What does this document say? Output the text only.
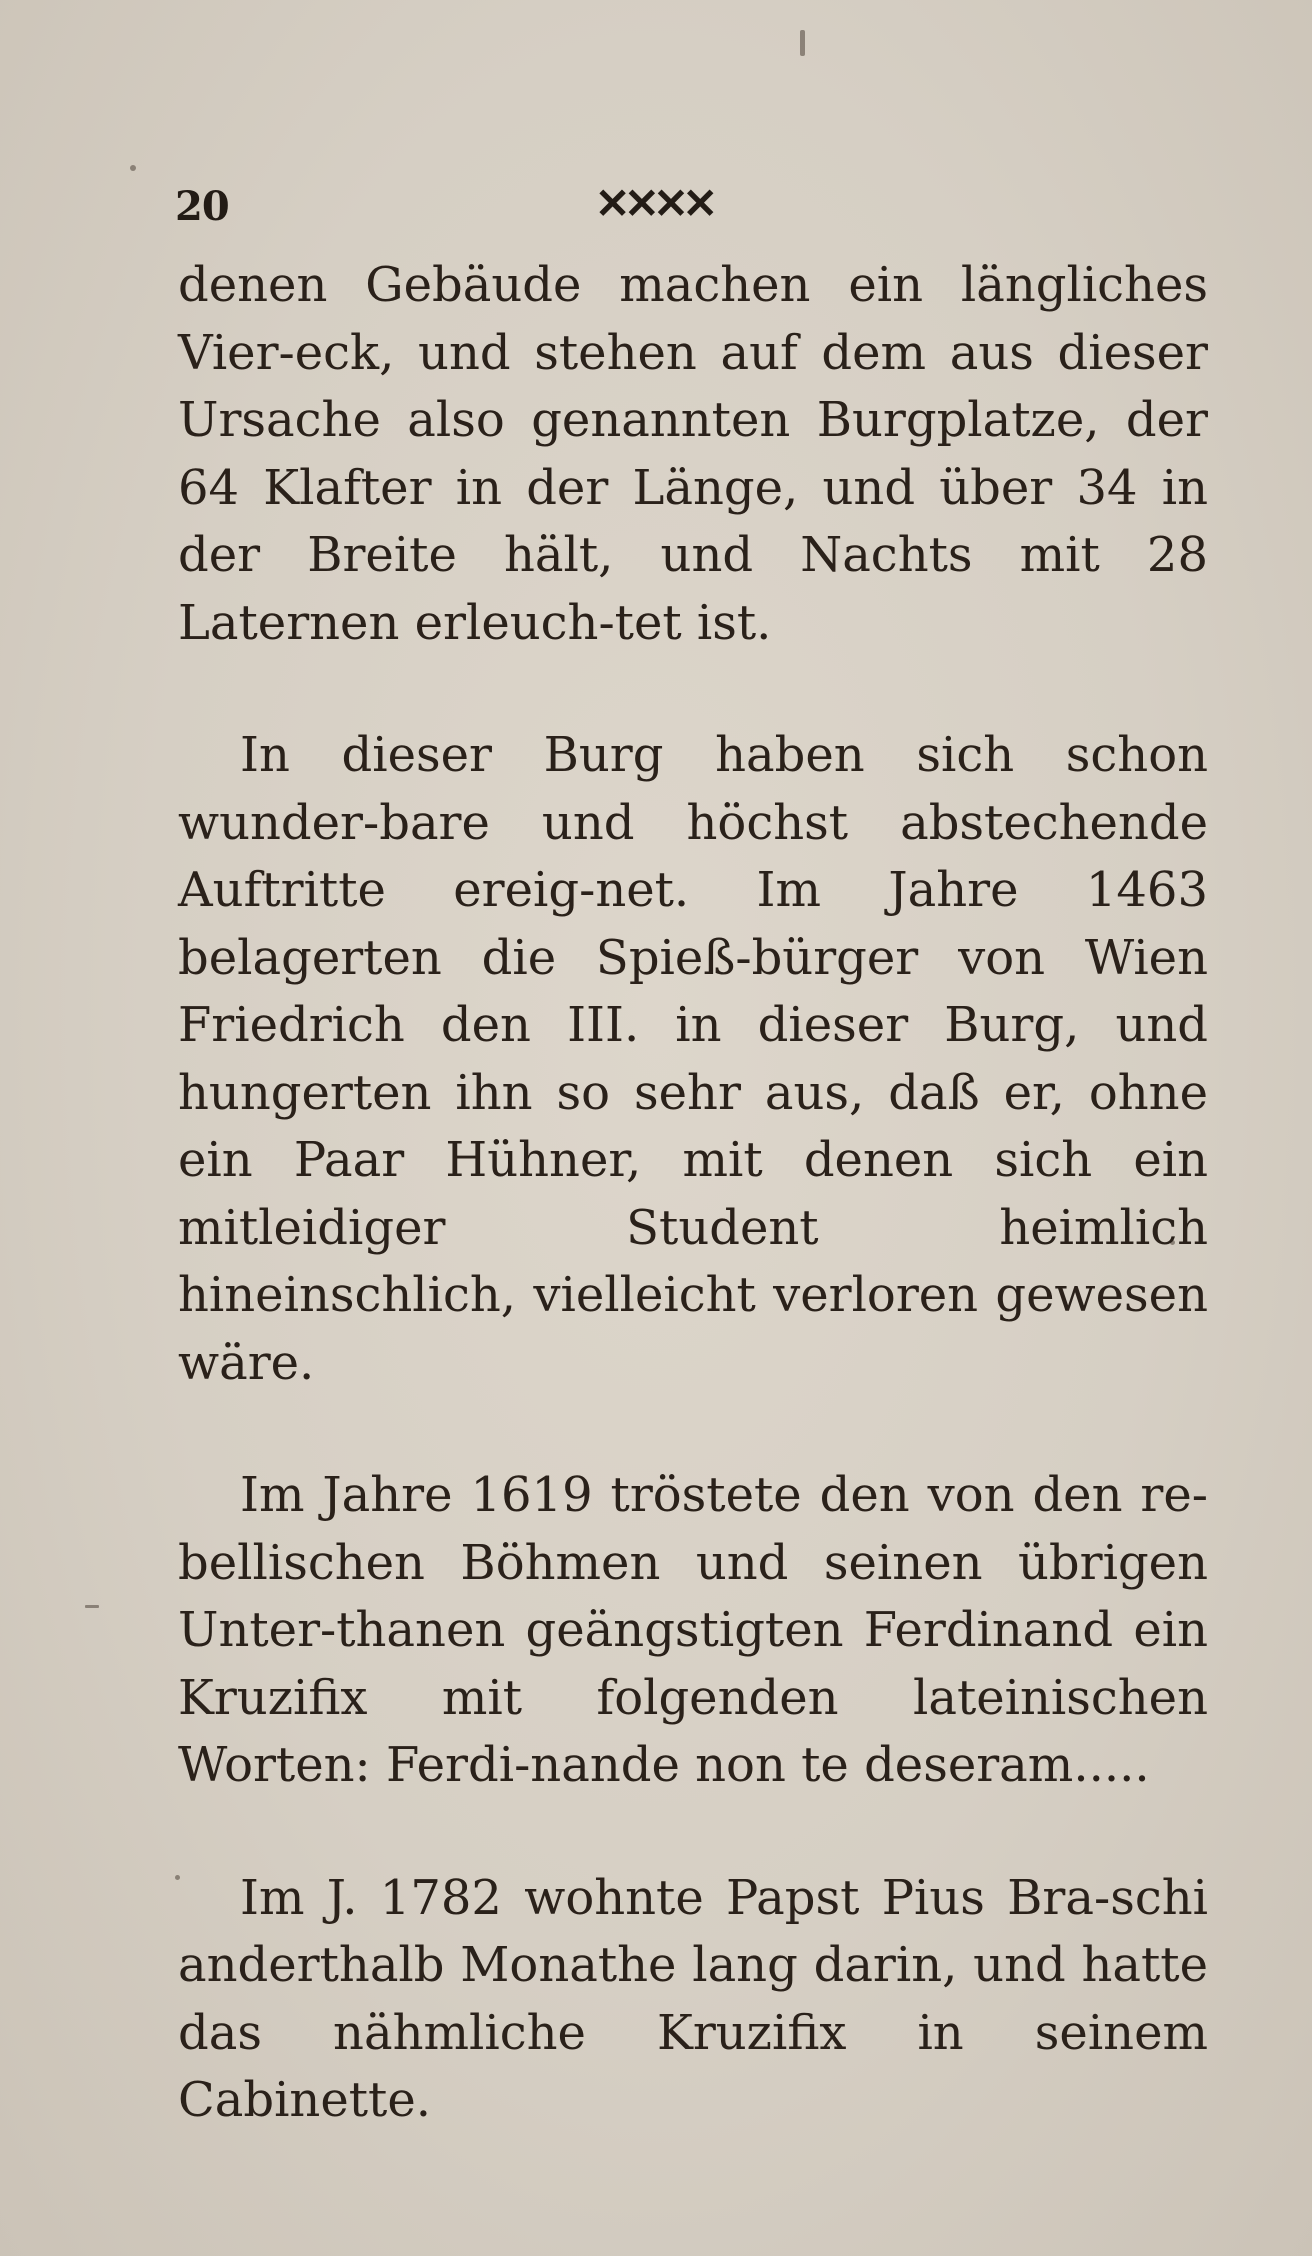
20	✕✕✕✕

denen Gebäude machen ein längliches Vier-eck, und stehen auf dem aus dieser Ursache also genannten Burgplatze, der 64 Klafter in der Länge, und über 34 in der Breite hält, und Nachts mit 28 Laternen erleuch-tet ist.

In dieser Burg haben sich schon wunder-bare und höchst abstechende Auftritte ereig-net. Im Jahre 1463 belagerten die Spieß-bürger von Wien Friedrich den III. in dieser Burg, und hungerten ihn so sehr aus, daß er, ohne ein Paar Hühner, mit denen sich ein mitleidiger Student heimlich hineinschlich, vielleicht verloren gewesen wäre.

Im Jahre 1619 tröstete den von den re-bellischen Böhmen und seinen übrigen Unter-thanen geängstigten Ferdinand ein Kruzifix mit folgenden lateinischen Worten: Ferdi-nande non te deseram.....

Im J. 1782 wohnte Papst Pius Bra-schi anderthalb Monathe lang darin, und hatte das nähmliche Kruzifix in seinem Cabinette.
